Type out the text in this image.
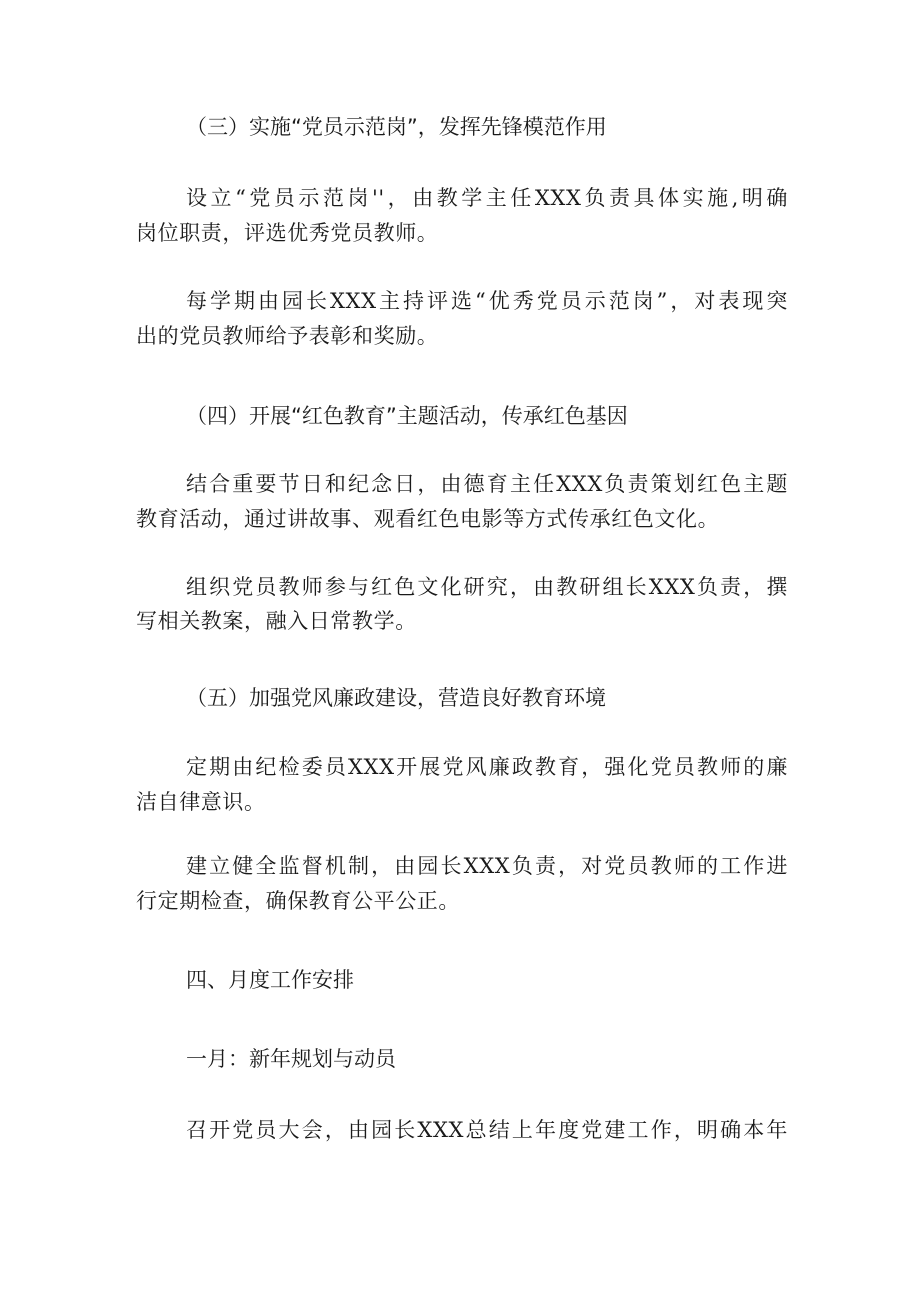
（三）实施“党员示范岗”，发挥先锋模范作用
设立“党员示范岗''，由教学主任XXX负责具体实施,明确
岗位职责，评选优秀党员教师。
每学期由园长XXX主持评选“优秀党员示范岗”，对表现突
出的党员教师给予表彰和奖励。
（四）开展“红色教育”主题活动，传承红色基因
结合重要节日和纪念日，由德育主任XXX负责策划红色主题
教育活动，通过讲故事、观看红色电影等方式传承红色文化。
组织党员教师参与红色文化研究，由教研组长XXX负责，撰
写相关教案，融入日常教学。
（五）加强党风廉政建设，营造良好教育环境
定期由纪检委员XXX开展党风廉政教育，强化党员教师的廉
洁自律意识。
建立健全监督机制，由园长XXX负责，对党员教师的工作进
行定期检查，确保教育公平公正。
四、月度工作安排
一月：新年规划与动员
召开党员大会，由园长XXX总结上年度党建工作，明确本年
